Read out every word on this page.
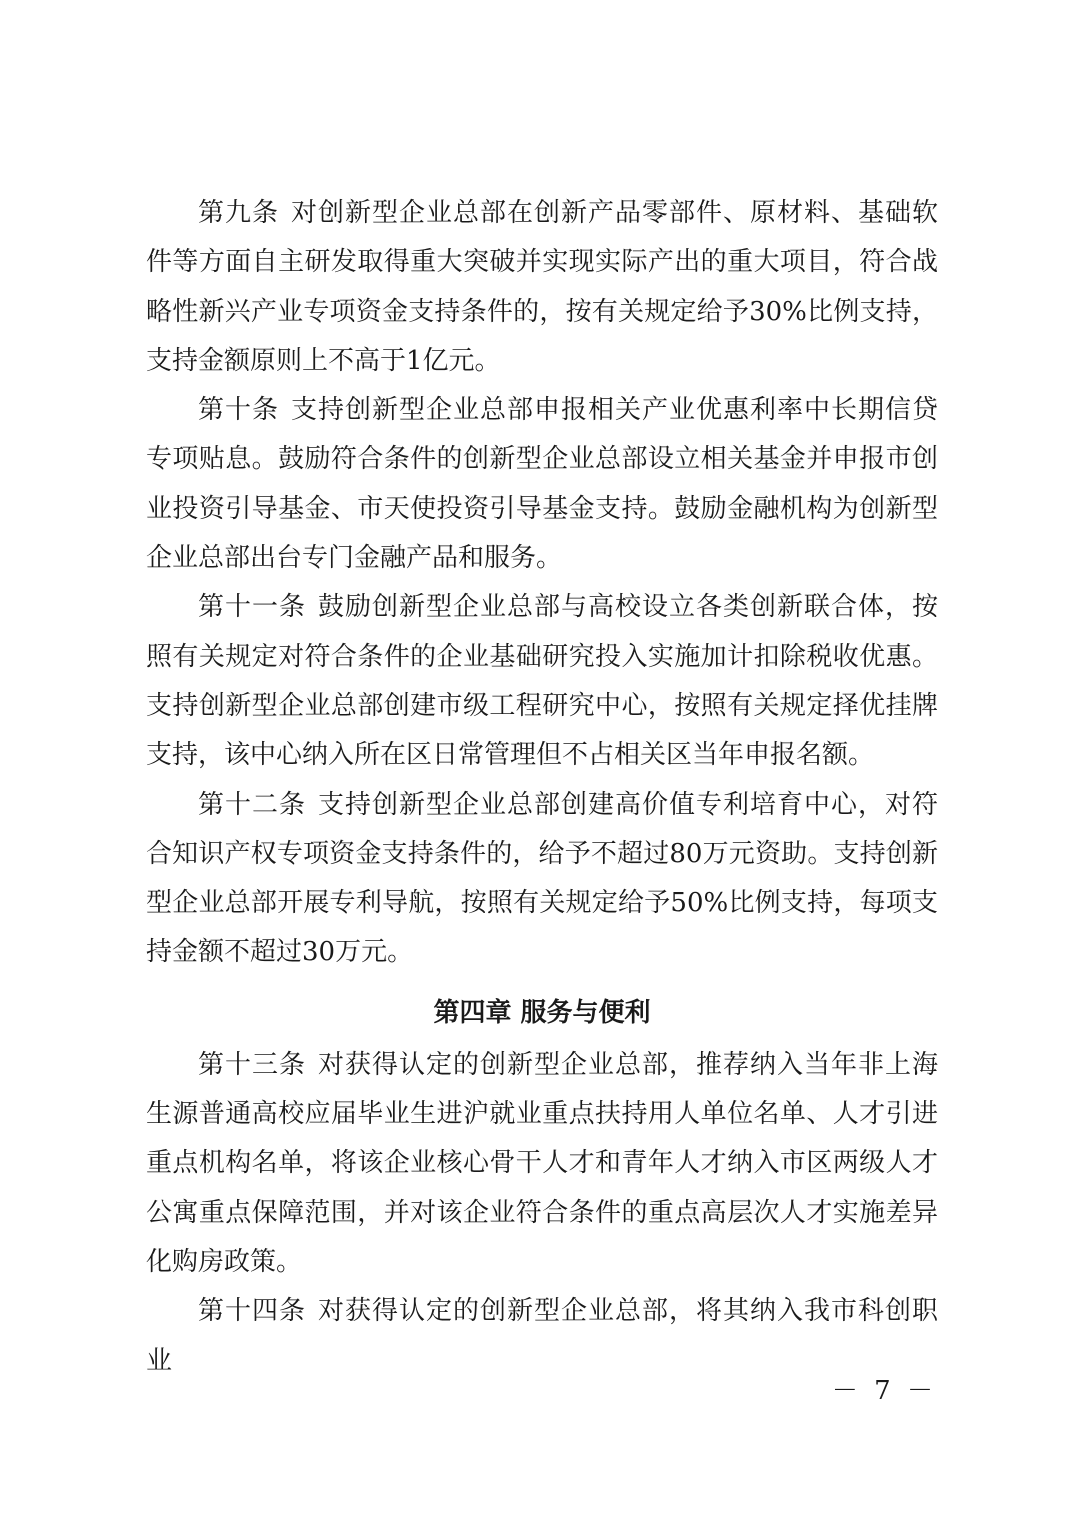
第九条 对创新型企业总部在创新产品零部件、原材料、基础软件等方面自主研发取得重大突破并实现实际产出的重大项目，符合战略性新兴产业专项资金支持条件的，按有关规定给予30%比例支持，支持金额原则上不高于1亿元。

第十条 支持创新型企业总部申报相关产业优惠利率中长期信贷专项贴息。鼓励符合条件的创新型企业总部设立相关基金并申报市创业投资引导基金、市天使投资引导基金支持。鼓励金融机构为创新型企业总部出台专门金融产品和服务。

第十一条 鼓励创新型企业总部与高校设立各类创新联合体，按照有关规定对符合条件的企业基础研究投入实施加计扣除税收优惠。支持创新型企业总部创建市级工程研究中心，按照有关规定择优挂牌支持，该中心纳入所在区日常管理但不占相关区当年申报名额。

第十二条 支持创新型企业总部创建高价值专利培育中心，对符合知识产权专项资金支持条件的，给予不超过80万元资助。支持创新型企业总部开展专利导航，按照有关规定给予50%比例支持，每项支持金额不超过30万元。

第四章 服务与便利

第十三条 对获得认定的创新型企业总部，推荐纳入当年非上海生源普通高校应届毕业生进沪就业重点扶持用人单位名单、人才引进重点机构名单，将该企业核心骨干人才和青年人才纳入市区两级人才公寓重点保障范围，并对该企业符合条件的重点高层次人才实施差异化购房政策。

第十四条 对获得认定的创新型企业总部，将其纳入我市科创职业

－ 7 －
